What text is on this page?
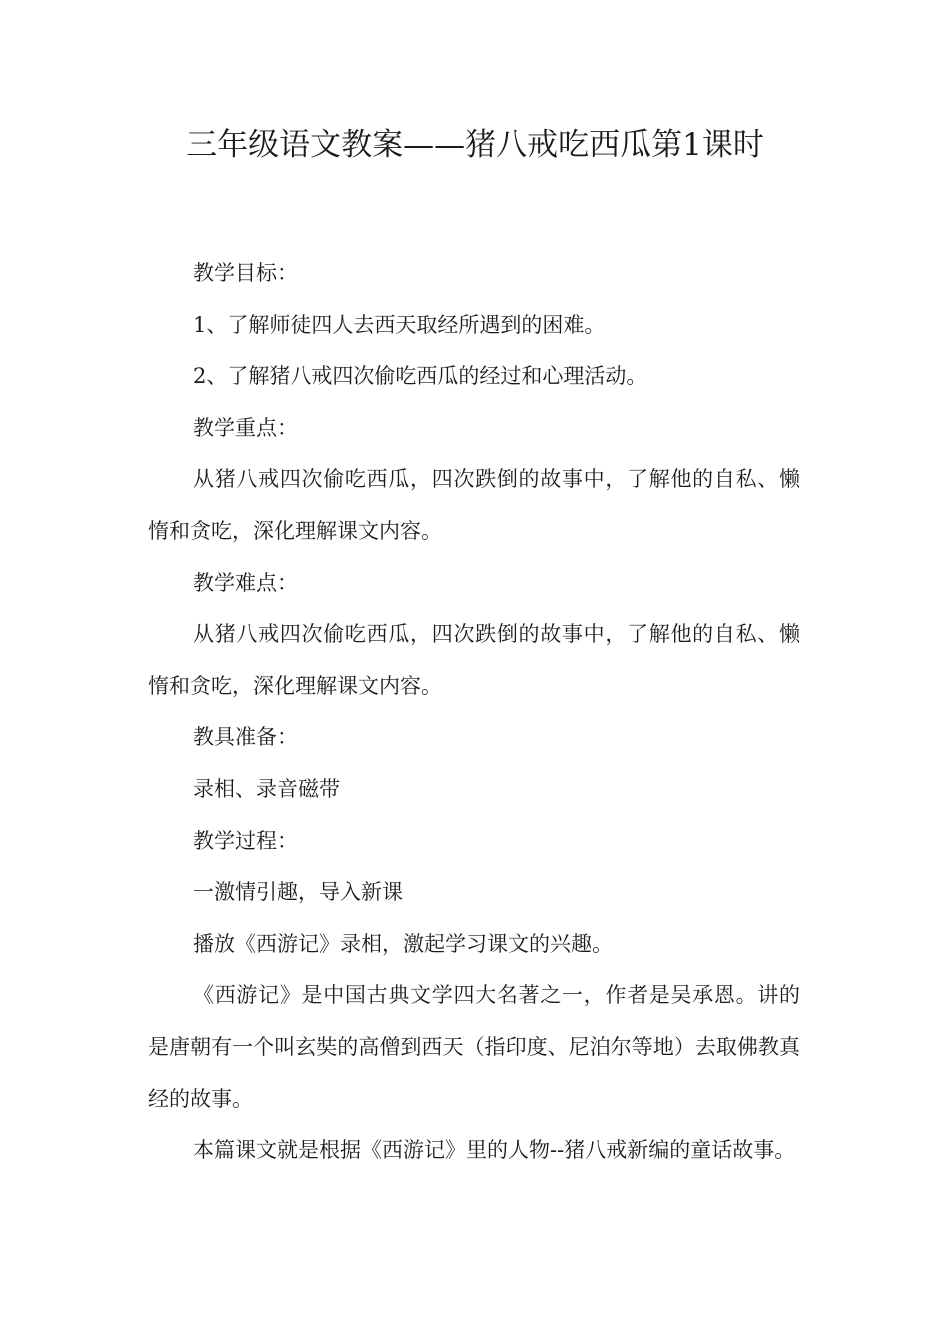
三年级语文教案——猪八戒吃西瓜第1课时

教学目标：

1、了解师徒四人去西天取经所遇到的困难。

2、了解猪八戒四次偷吃西瓜的经过和心理活动。

教学重点：

从猪八戒四次偷吃西瓜，四次跌倒的故事中，了解他的自私、懒惰和贪吃，深化理解课文内容。

教学难点：

从猪八戒四次偷吃西瓜，四次跌倒的故事中，了解他的自私、懒惰和贪吃，深化理解课文内容。

教具准备：

录相、录音磁带

教学过程：

一激情引趣，导入新课

播放《西游记》录相，激起学习课文的兴趣。

《西游记》是中国古典文学四大名著之一，作者是吴承恩。讲的是唐朝有一个叫玄奘的高僧到西天（指印度、尼泊尔等地）去取佛教真经的故事。

本篇课文就是根据《西游记》里的人物--猪八戒新编的童话故事。
